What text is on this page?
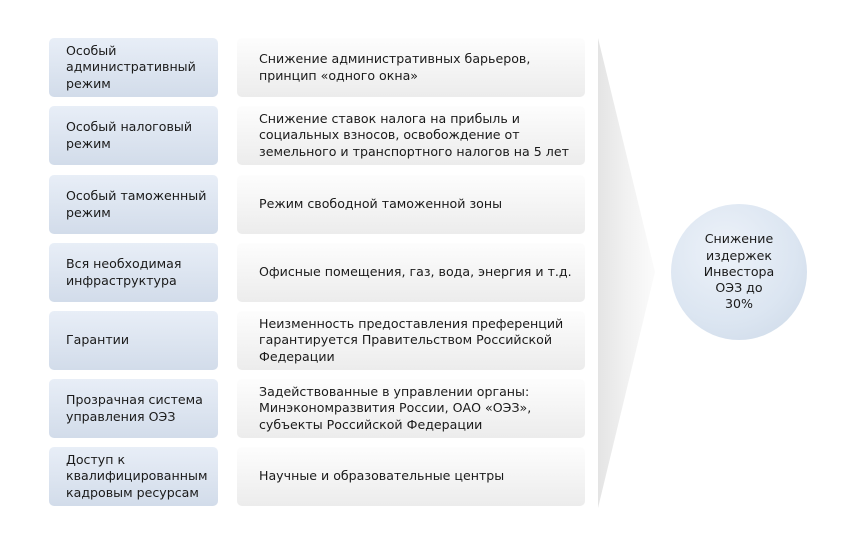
Особый
административный
режим
Снижение административных барьеров,
принцип «одного окна»
Особый налоговый
режим
Снижение ставок налога на прибыль и
социальных взносов, освобождение от
земельного и транспортного налогов на 5 лет
Особый таможенный
режим
Режим свободной таможенной зоны
Вся необходимая
инфраструктура
Офисные помещения, газ, вода, энергия и т.д.
Гарантии
Неизменность предоставления преференций
гарантируется Правительством Российской
Федерации
Прозрачная система
управления ОЭЗ
Задействованные в управлении органы:
Минэкономразвития России, ОАО «ОЭЗ»,
субъекты Российской Федерации
Доступ к
квалифицированным
кадровым ресурсам
Научные и образовательные центры
Снижение
издержек
Инвестора
ОЭЗ до
30%
